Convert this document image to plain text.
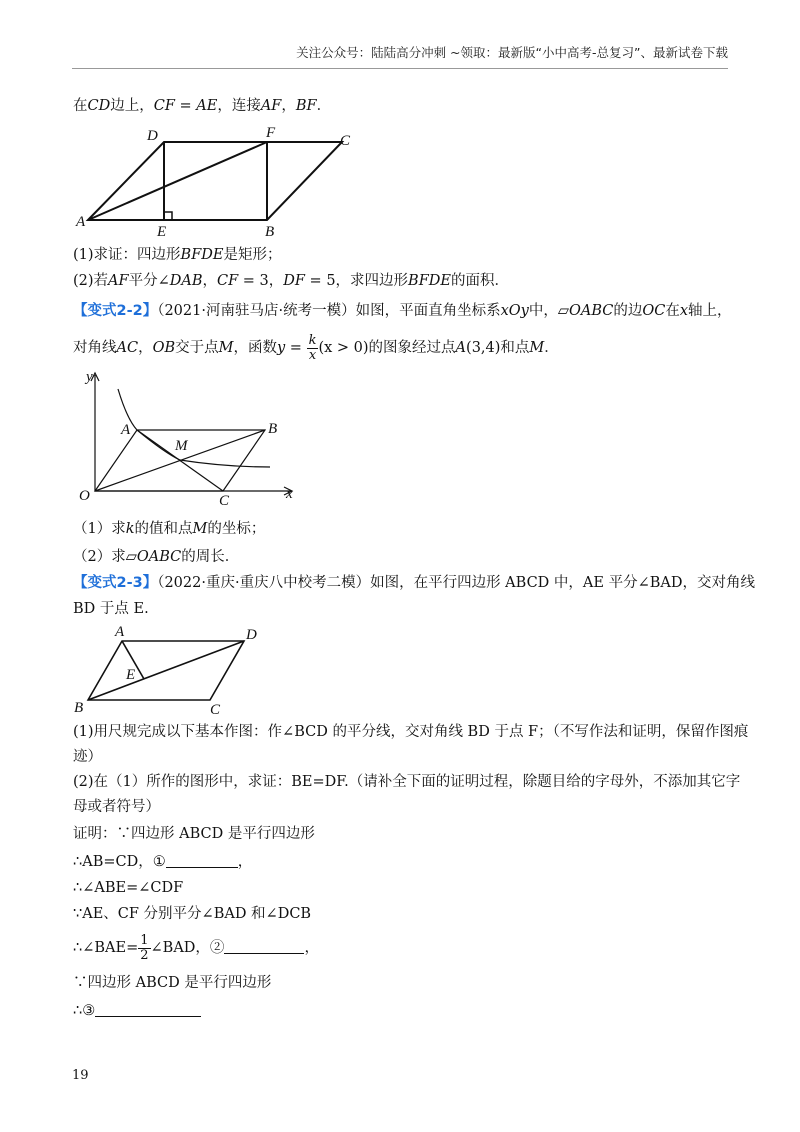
关注公众号：陆陆高分冲刺 ~领取：最新版“小中高考-总复习”、最新试卷下载
在CD边上，CF = AE，连接AF，BF．
D	F	C
A
E	B
(1)求证：四边形BFDE是矩形；
(2)若AF平分∠DAB，CF = 3，DF = 5，求四边形BFDE的面积．
【变式2-2】（2021·河南驻马店·统考一模）如图，平面直角坐标系xOy中，▱OABC的边OC在x轴上，
对角线AC，OB交于点M，函数$y = \frac{k}{x} (x > 0)$的图象经过点A(3,4)和点M．
y
A
M
B
O	C	x
（1）求k的值和点M的坐标；
（2）求▱OABC的周长．
【变式2-3】（2022·重庆·重庆八中校考二模）如图，在平行四边形 ABCD 中，AE 平分∠BAD，交对角线
BD 于点 E.
A	D
E
B	C
(1)用尺规完成以下基本作图：作∠BCD 的平分线，交对角线 BD 于点 F；（不写作法和证明，保留作图痕
迹）
(2)在（1）所作的图形中，求证：BE=DF.（请补全下面的证明过程，除题目给的字母外，不添加其它字
母或者符号）
证明：∵四边形 ABCD 是平行四边形
∴AB=CD，①	，
∴∠ABE=∠CDF
∵AE、CF 分别平分∠BAD 和∠DCB
∴∠BAE= $\frac{1}{2}$ ∠BAD，②	，
∵四边形 ABCD 是平行四边形
∴③
19
